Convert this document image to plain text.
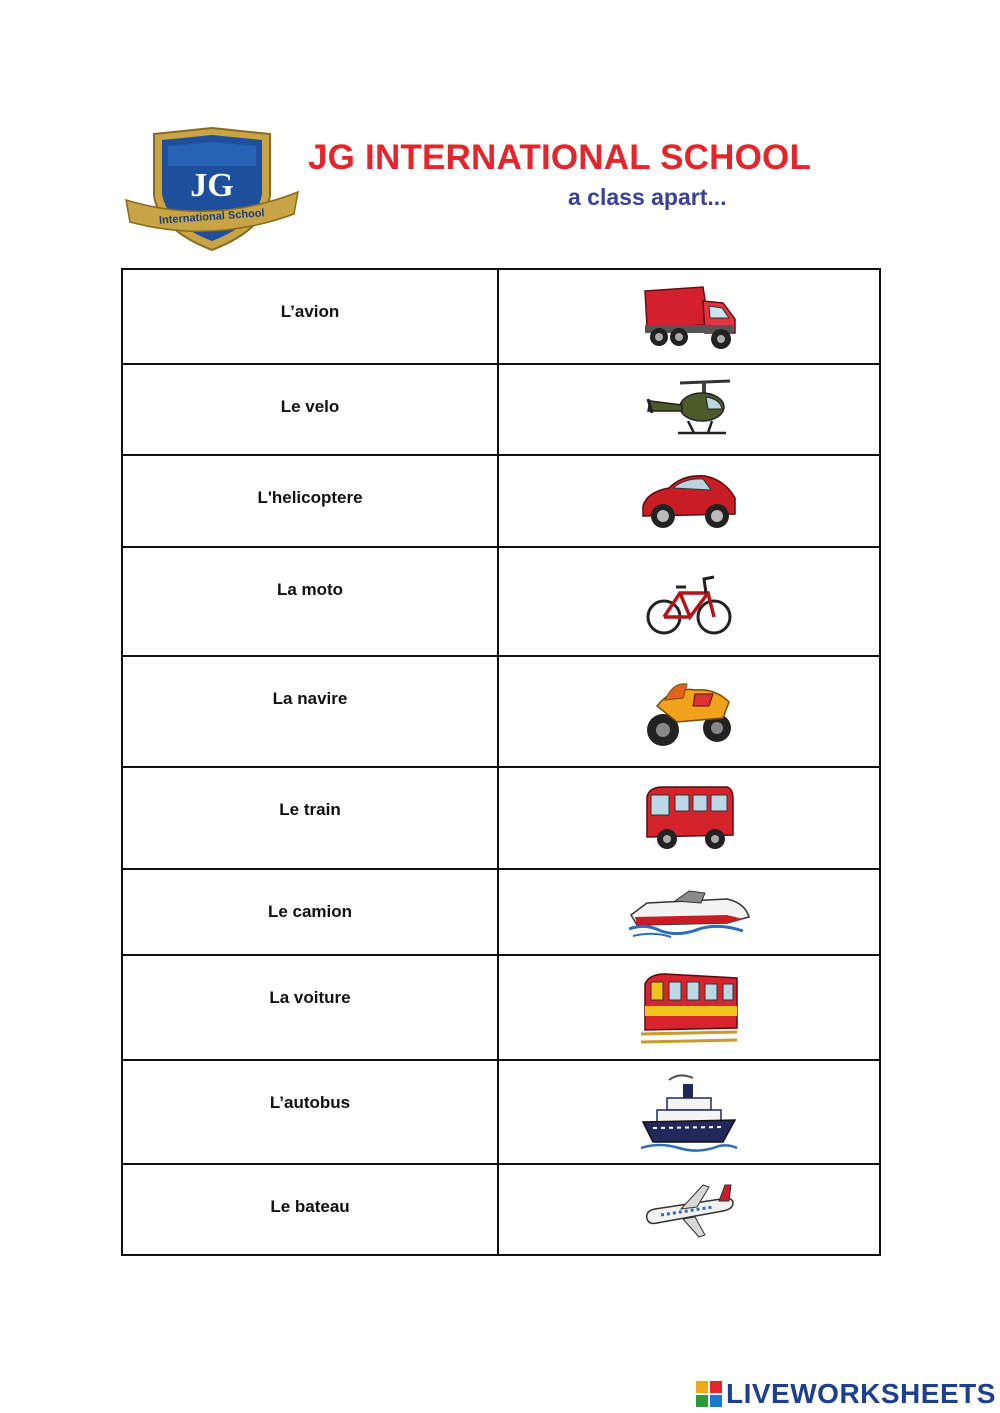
JG
International School
JG INTERNATIONAL SCHOOL
a class apart...
L’avion
Le velo
L'helicoptere
La moto
La navire
Le train
Le camion
La voiture
L’autobus
Le bateau
LIVEWORKSHEETS
